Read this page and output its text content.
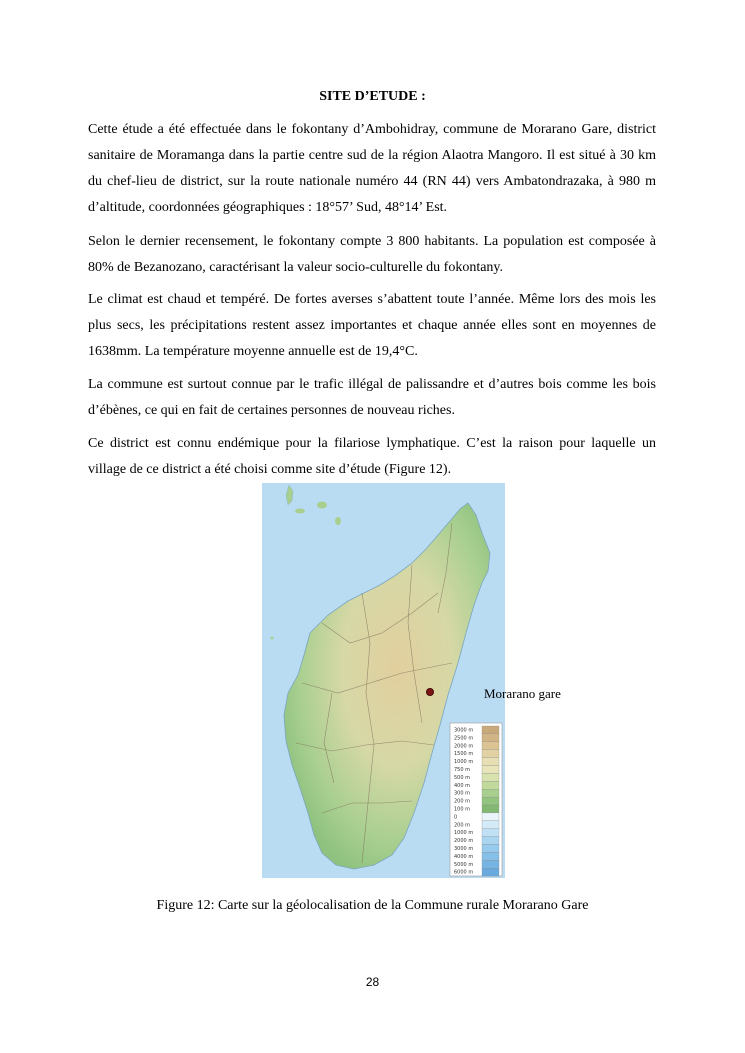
SITE D’ETUDE :

Cette étude a été effectuée dans le fokontany d’Ambohidray, commune de Morarano Gare, district sanitaire de Moramanga dans la partie centre sud de la région Alaotra Mangoro. Il est situé à 30 km du chef-lieu de district, sur la route nationale numéro 44 (RN 44) vers Ambatondrazaka, à 980 m d’altitude, coordonnées géographiques : 18°57’ Sud, 48°14’ Est.

Selon le dernier recensement, le fokontany compte 3 800 habitants. La population est composée à 80% de Bezanozano, caractérisant la valeur socio-culturelle du fokontany.

Le climat est chaud et tempéré. De fortes averses s’abattent toute l’année. Même lors des mois les plus secs, les précipitations restent assez importantes et chaque année elles sont en moyennes de 1638mm. La température moyenne annuelle est de 19,4°C.

La commune est surtout connue par le trafic illégal de palissandre et d’autres bois comme les bois d’ébènes, ce qui en fait de certaines personnes de nouveau riches.

Ce district est connu endémique pour la filariose lymphatique. C’est la raison pour laquelle un village de ce district a été choisi comme site d’étude (Figure 12).

3000 m
2500 m
2000 m
1500 m
1000 m
750 m
500 m
400 m
300 m
200 m
100 m
0
200 m
1000 m
2000 m
3000 m
4000 m
5000 m
6000 m
Morarano gare
Figure 12: Carte sur la géolocalisation de la Commune rurale Morarano Gare
28
